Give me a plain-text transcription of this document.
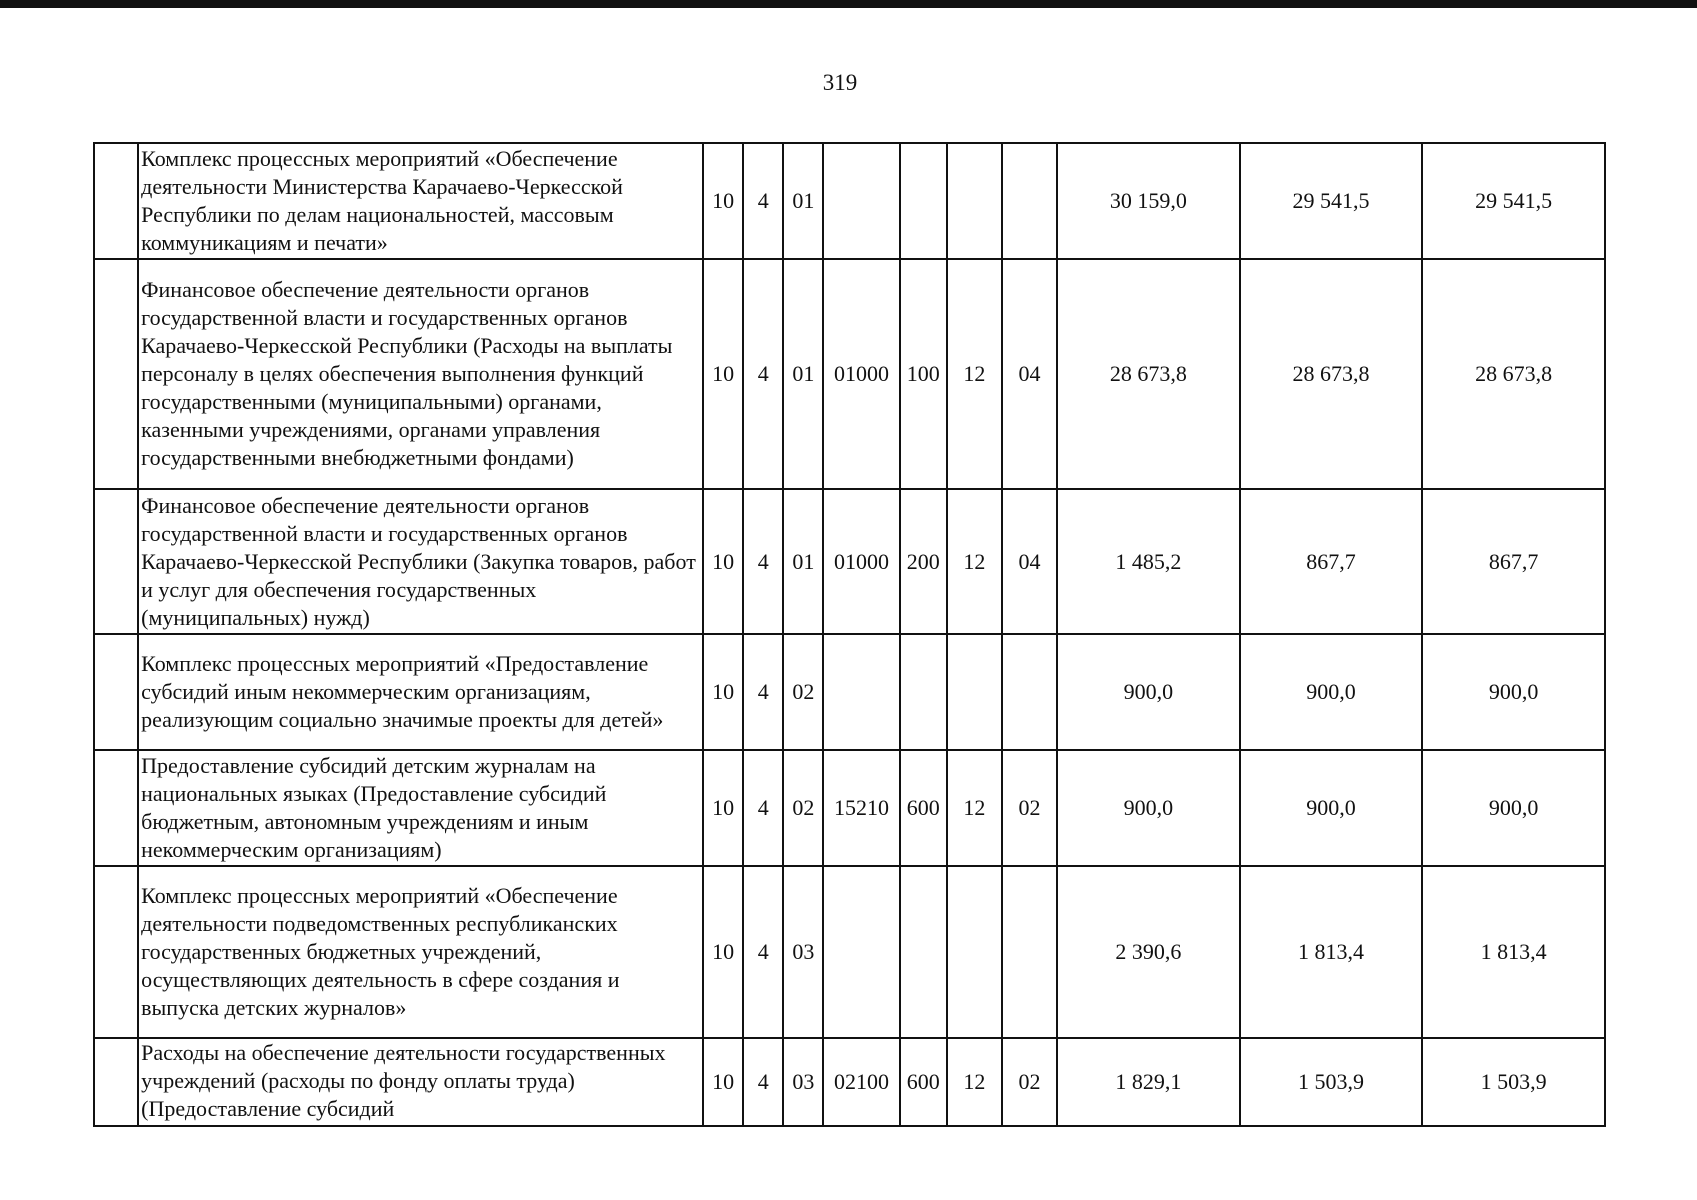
319
	Комплекс процессных мероприятий «Обеспечение деятельности Министерства Карачаево-Черкесской Республики по делам национальностей, массовым коммуникациям и печати»	10	4	01					30 159,0	29 541,5	29 541,5
	Финансовое обеспечение деятельности органов государственной власти и государственных органов Карачаево-Черкесской Республики (Расходы на выплаты персоналу в целях обеспечения выполнения функций государственными (муниципальными) органами, казенными учреждениями, органами управления государственными внебюджетными фондами)	10	4	01	01000	100	12	04	28 673,8	28 673,8	28 673,8
	Финансовое обеспечение деятельности органов государственной власти и государственных органов Карачаево-Черкесской Республики (Закупка товаров, работ и услуг для обеспечения государственных (муниципальных) нужд)	10	4	01	01000	200	12	04	1 485,2	867,7	867,7
	Комплекс процессных мероприятий «Предоставление субсидий иным некоммерческим организациям, реализующим социально значимые проекты для детей»	10	4	02					900,0	900,0	900,0
	Предоставление субсидий детским журналам на национальных языках (Предоставление субсидий бюджетным, автономным учреждениям и иным некоммерческим организациям)	10	4	02	15210	600	12	02	900,0	900,0	900,0
	Комплекс процессных мероприятий «Обеспечение деятельности подведомственных республиканских государственных бюджетных учреждений, осуществляющих деятельность в сфере создания и выпуска детских журналов»	10	4	03					2 390,6	1 813,4	1 813,4
	Расходы на обеспечение деятельности государственных учреждений (расходы по фонду оплаты труда) (Предоставление субсидий	10	4	03	02100	600	12	02	1 829,1	1 503,9	1 503,9
